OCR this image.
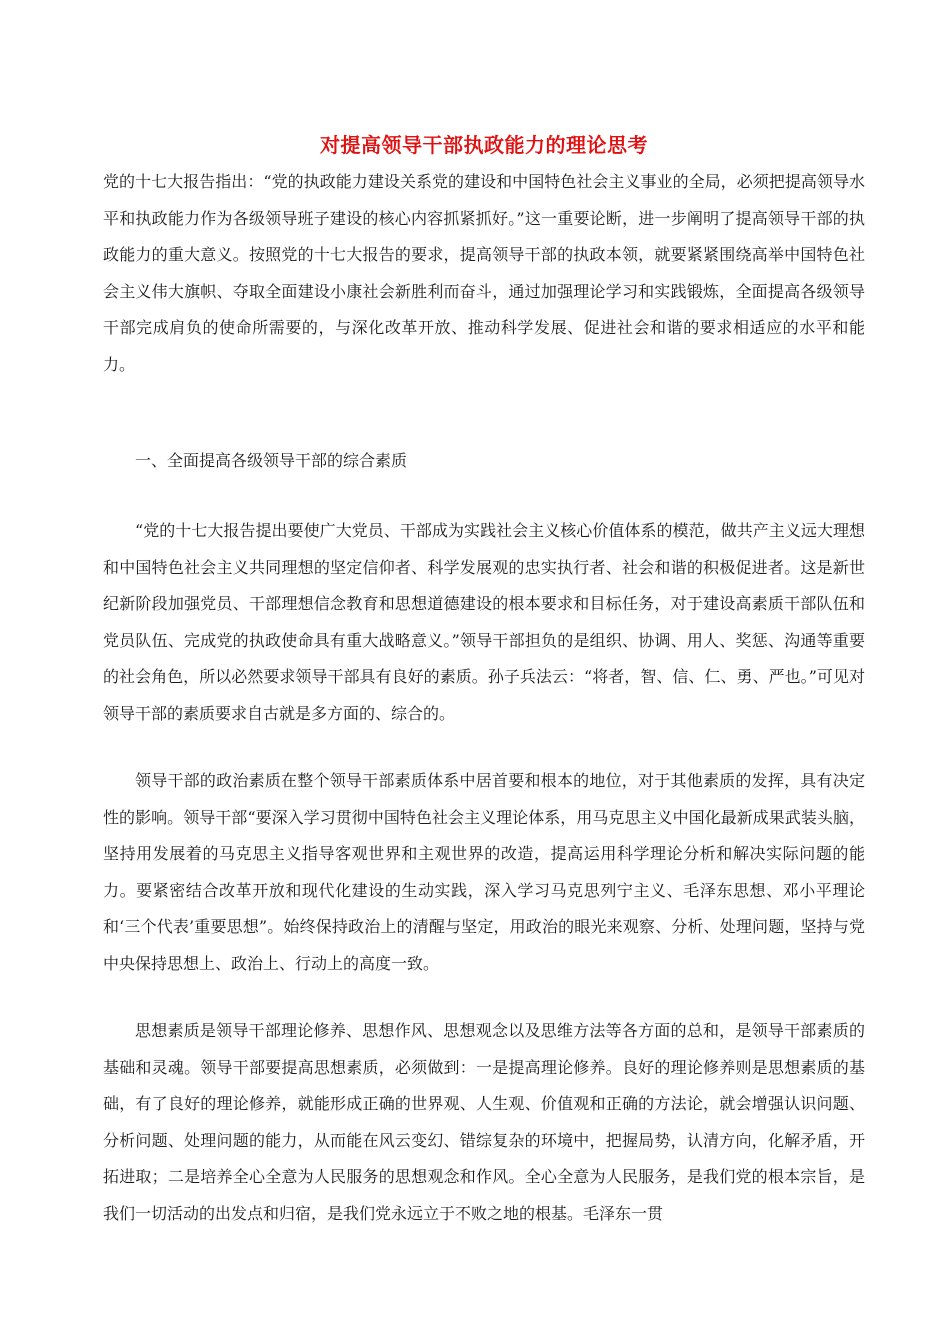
对提高领导干部执政能力的理论思考

党的十七大报告指出：“党的执政能力建设关系党的建设和中国特色社会主义事业的全局，必须把提高领导水平和执政能力作为各级领导班子建设的核心内容抓紧抓好。”这一重要论断，进一步阐明了提高领导干部的执政能力的重大意义。按照党的十七大报告的要求，提高领导干部的执政本领，就要紧紧围绕高举中国特色社会主义伟大旗帜、夺取全面建设小康社会新胜利而奋斗，通过加强理论学习和实践锻炼，全面提高各级领导干部完成肩负的使命所需要的，与深化改革开放、推动科学发展、促进社会和谐的要求相适应的水平和能力。

一、全面提高各级领导干部的综合素质

“党的十七大报告提出要使广大党员、干部成为实践社会主义核心价值体系的模范，做共产主义远大理想和中国特色社会主义共同理想的坚定信仰者、科学发展观的忠实执行者、社会和谐的积极促进者。这是新世纪新阶段加强党员、干部理想信念教育和思想道德建设的根本要求和目标任务，对于建设高素质干部队伍和党员队伍、完成党的执政使命具有重大战略意义。”领导干部担负的是组织、协调、用人、奖惩、沟通等重要的社会角色，所以必然要求领导干部具有良好的素质。孙子兵法云：“将者，智、信、仁、勇、严也。”可见对领导干部的素质要求自古就是多方面的、综合的。

领导干部的政治素质在整个领导干部素质体系中居首要和根本的地位，对于其他素质的发挥，具有决定性的影响。领导干部“要深入学习贯彻中国特色社会主义理论体系，用马克思主义中国化最新成果武装头脑，坚持用发展着的马克思主义指导客观世界和主观世界的改造，提高运用科学理论分析和解决实际问题的能力。要紧密结合改革开放和现代化建设的生动实践，深入学习马克思列宁主义、毛泽东思想、邓小平理论和‘三个代表’重要思想”。始终保持政治上的清醒与坚定，用政治的眼光来观察、分析、处理问题，坚持与党中央保持思想上、政治上、行动上的高度一致。

思想素质是领导干部理论修养、思想作风、思想观念以及思维方法等各方面的总和，是领导干部素质的基础和灵魂。领导干部要提高思想素质，必须做到：一是提高理论修养。良好的理论修养则是思想素质的基础，有了良好的理论修养，就能形成正确的世界观、人生观、价值观和正确的方法论，就会增强认识问题、分析问题、处理问题的能力，从而能在风云变幻、错综复杂的环境中，把握局势，认清方向，化解矛盾，开拓进取；二是培养全心全意为人民服务的思想观念和作风。全心全意为人民服务，是我们党的根本宗旨，是我们一切活动的出发点和归宿，是我们党永远立于不败之地的根基。毛泽东一贯
